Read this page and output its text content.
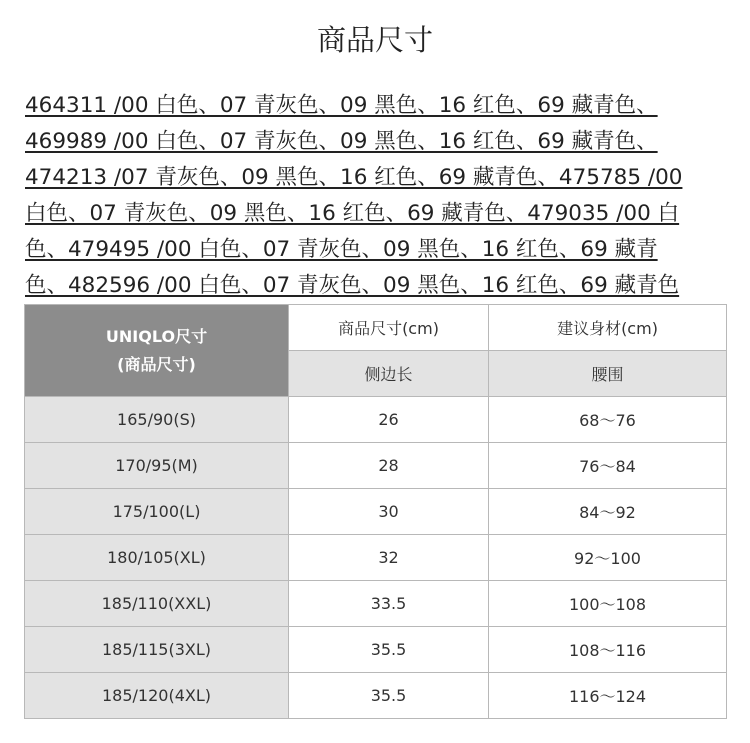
商品尺寸

464311 /00 白色、07 青灰色、09 黑色、16 红色、69 藏青色、
469989 /00 白色、07 青灰色、09 黑色、16 红色、69 藏青色、
474213 /07 青灰色、09 黑色、16 红色、69 藏青色、475785 /00
白色、07 青灰色、09 黑色、16 红色、69 藏青色、479035 /00 白
色、479495 /00 白色、07 青灰色、09 黑色、16 红色、69 藏青
色、482596 /00 白色、07 青灰色、09 黑色、16 红色、69 藏青色

UNIQLO尺寸
(商品尺寸)	商品尺寸(cm)	建议身材(cm)
	侧边长	腰围
165/90(S)	26	68～76
170/95(M)	28	76～84
175/100(L)	30	84～92
180/105(XL)	32	92～100
185/110(XXL)	33.5	100～108
185/115(3XL)	35.5	108～116
185/120(4XL)	35.5	116～124
